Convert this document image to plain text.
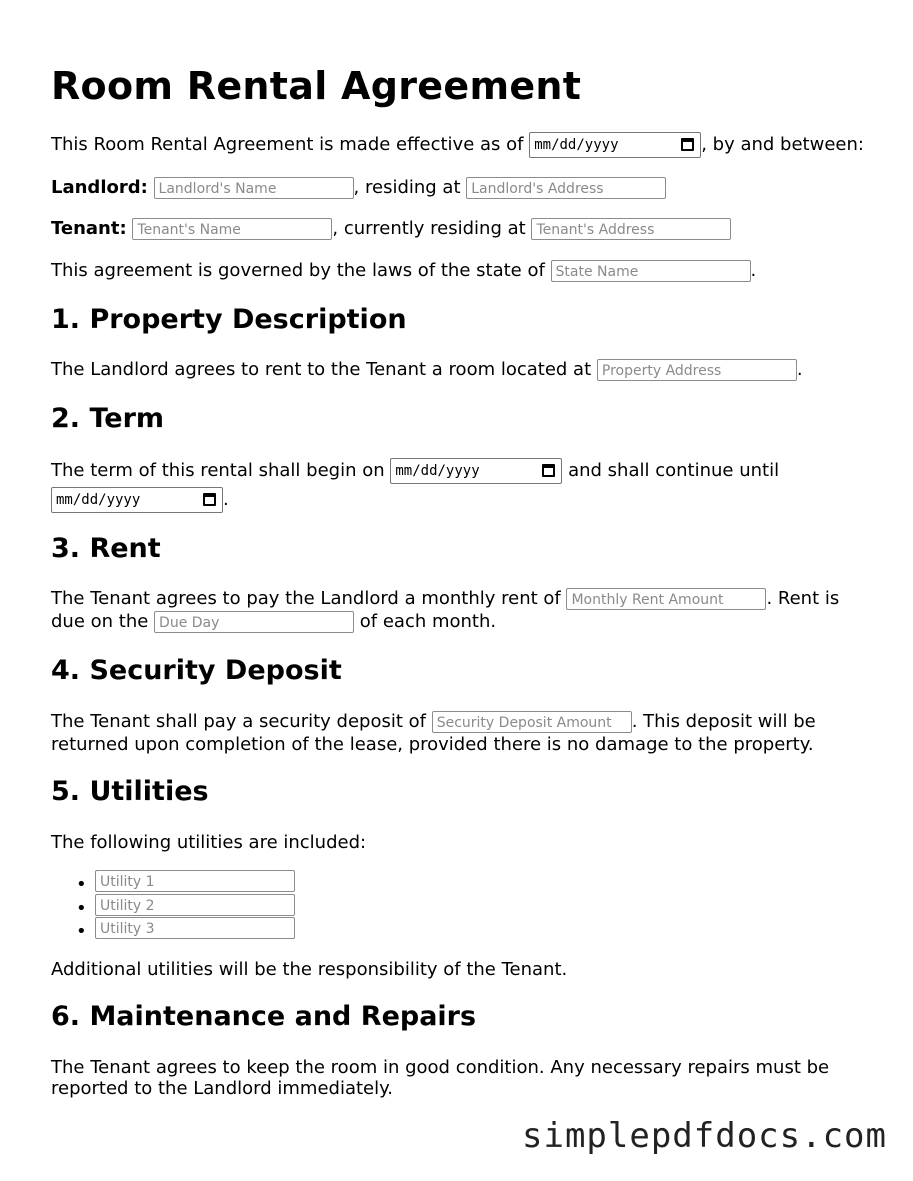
Room Rental Agreement
This Room Rental Agreement is made effective as of mm/dd/yyyy	, by and between:
Landlord: Landlord's Name	, residing at Landlord's Address
Tenant: Tenant's Name	, currently residing at Tenant's Address
This agreement is governed by the laws of the state of State Name	.
1. Property Description
The Landlord agrees to rent to the Tenant a room located at Property Address	.
2. Term
The term of this rental shall begin on mm/dd/yyyy	and shall continue until
mm/dd/yyyy	.
3. Rent
The Tenant agrees to pay the Landlord a monthly rent of Monthly Rent Amount . Rent is
due on the Due Day	of each month.
4. Security Deposit
The Tenant shall pay a security deposit of Security Deposit Amount . This deposit will be
returned upon completion of the lease, provided there is no damage to the property.
5. Utilities
The following utilities are included:
• Utility 1
• Utility 2
• Utility 3
Additional utilities will be the responsibility of the Tenant.
6. Maintenance and Repairs
The Tenant agrees to keep the room in good condition. Any necessary repairs must be
reported to the Landlord immediately.
simplepdfdocs.com
